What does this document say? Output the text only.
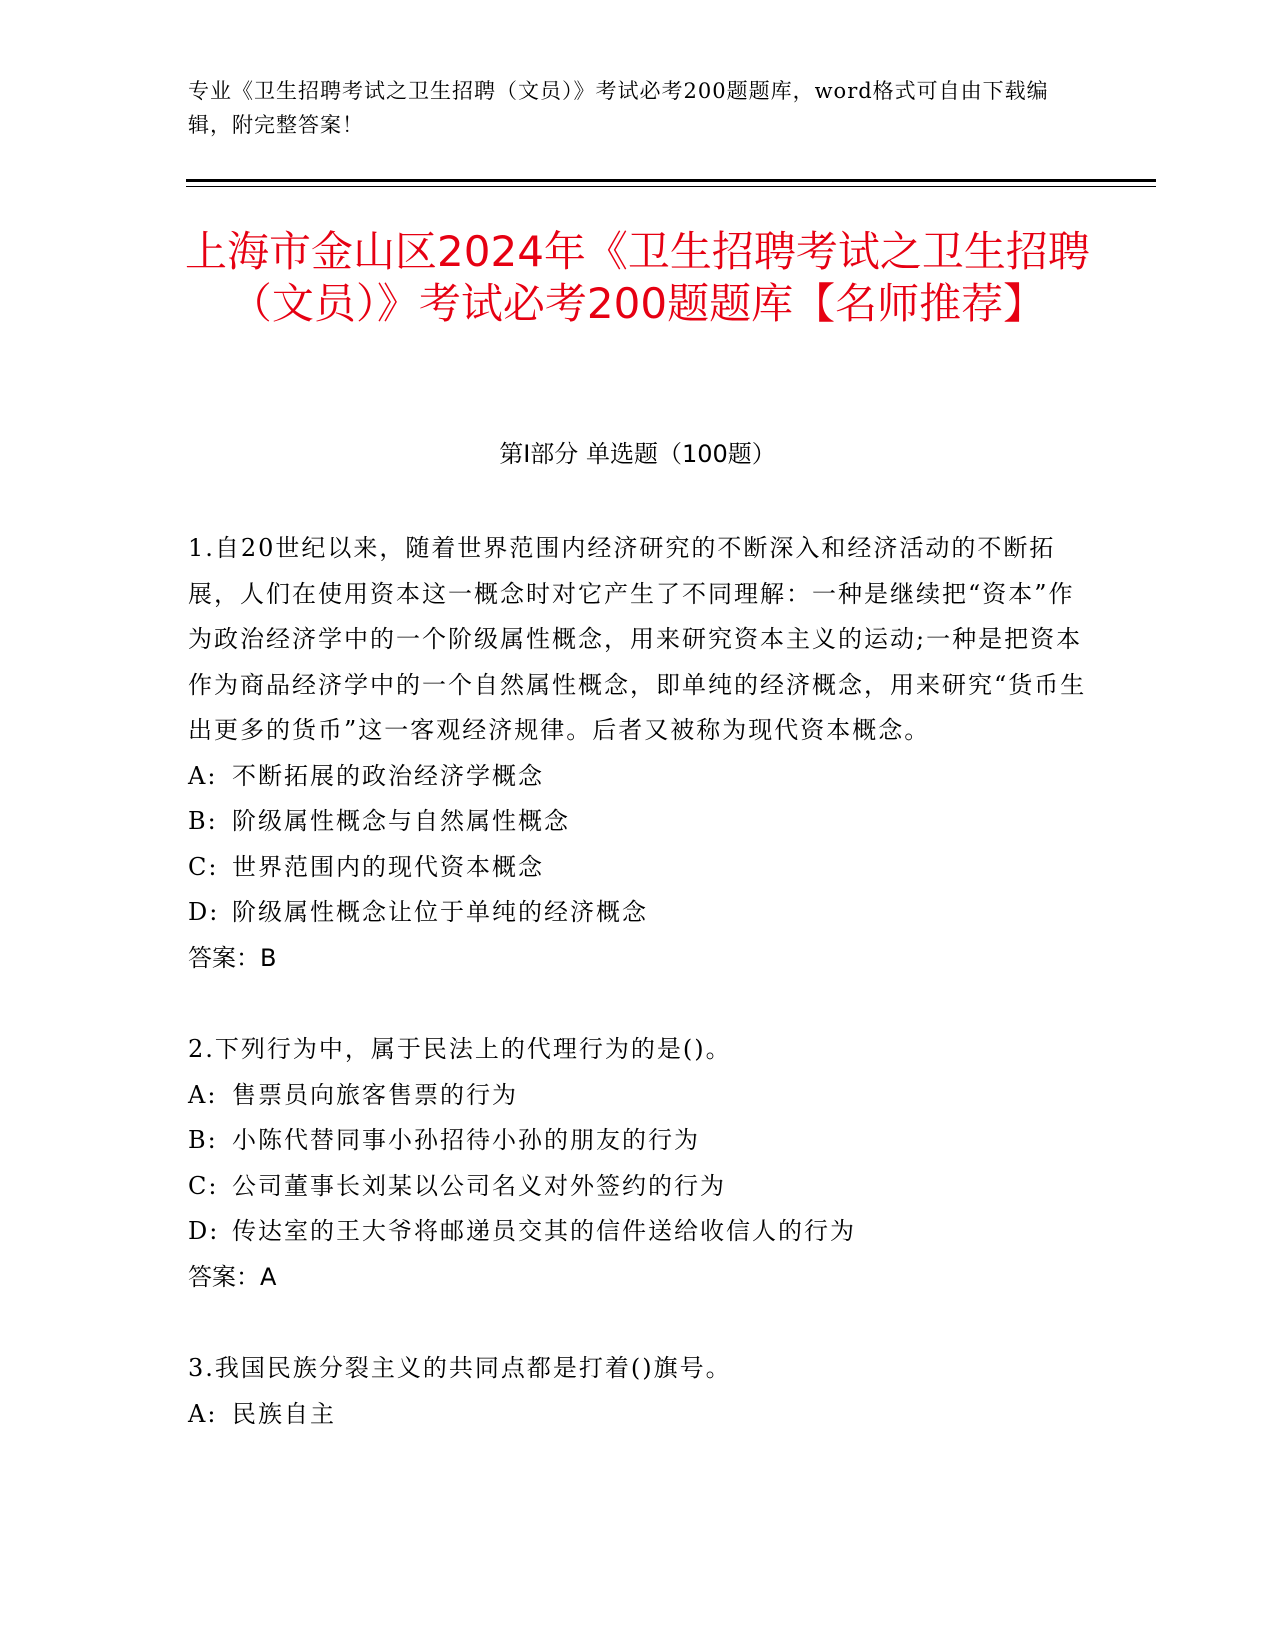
专业《卫生招聘考试之卫生招聘（文员）》考试必考200题题库，word格式可自由下载编辑，附完整答案！
上海市金山区2024年《卫生招聘考试之卫生招聘（文员）》考试必考200题题库【名师推荐】
第I部分 单选题（100题）
1.自20世纪以来，随着世界范围内经济研究的不断深入和经济活动的不断拓展，人们在使用资本这一概念时对它产生了不同理解：一种是继续把“资本”作为政治经济学中的一个阶级属性概念，用来研究资本主义的运动;一种是把资本作为商品经济学中的一个自然属性概念，即单纯的经济概念，用来研究“货币生出更多的货币”这一客观经济规律。后者又被称为现代资本概念。
A: 不断拓展的政治经济学概念
B: 阶级属性概念与自然属性概念
C: 世界范围内的现代资本概念
D: 阶级属性概念让位于单纯的经济概念
答案：B
2.下列行为中，属于民法上的代理行为的是()。
A: 售票员向旅客售票的行为
B: 小陈代替同事小孙招待小孙的朋友的行为
C: 公司董事长刘某以公司名义对外签约的行为
D: 传达室的王大爷将邮递员交其的信件送给收信人的行为
答案：A
3.我国民族分裂主义的共同点都是打着()旗号。
A: 民族自主
